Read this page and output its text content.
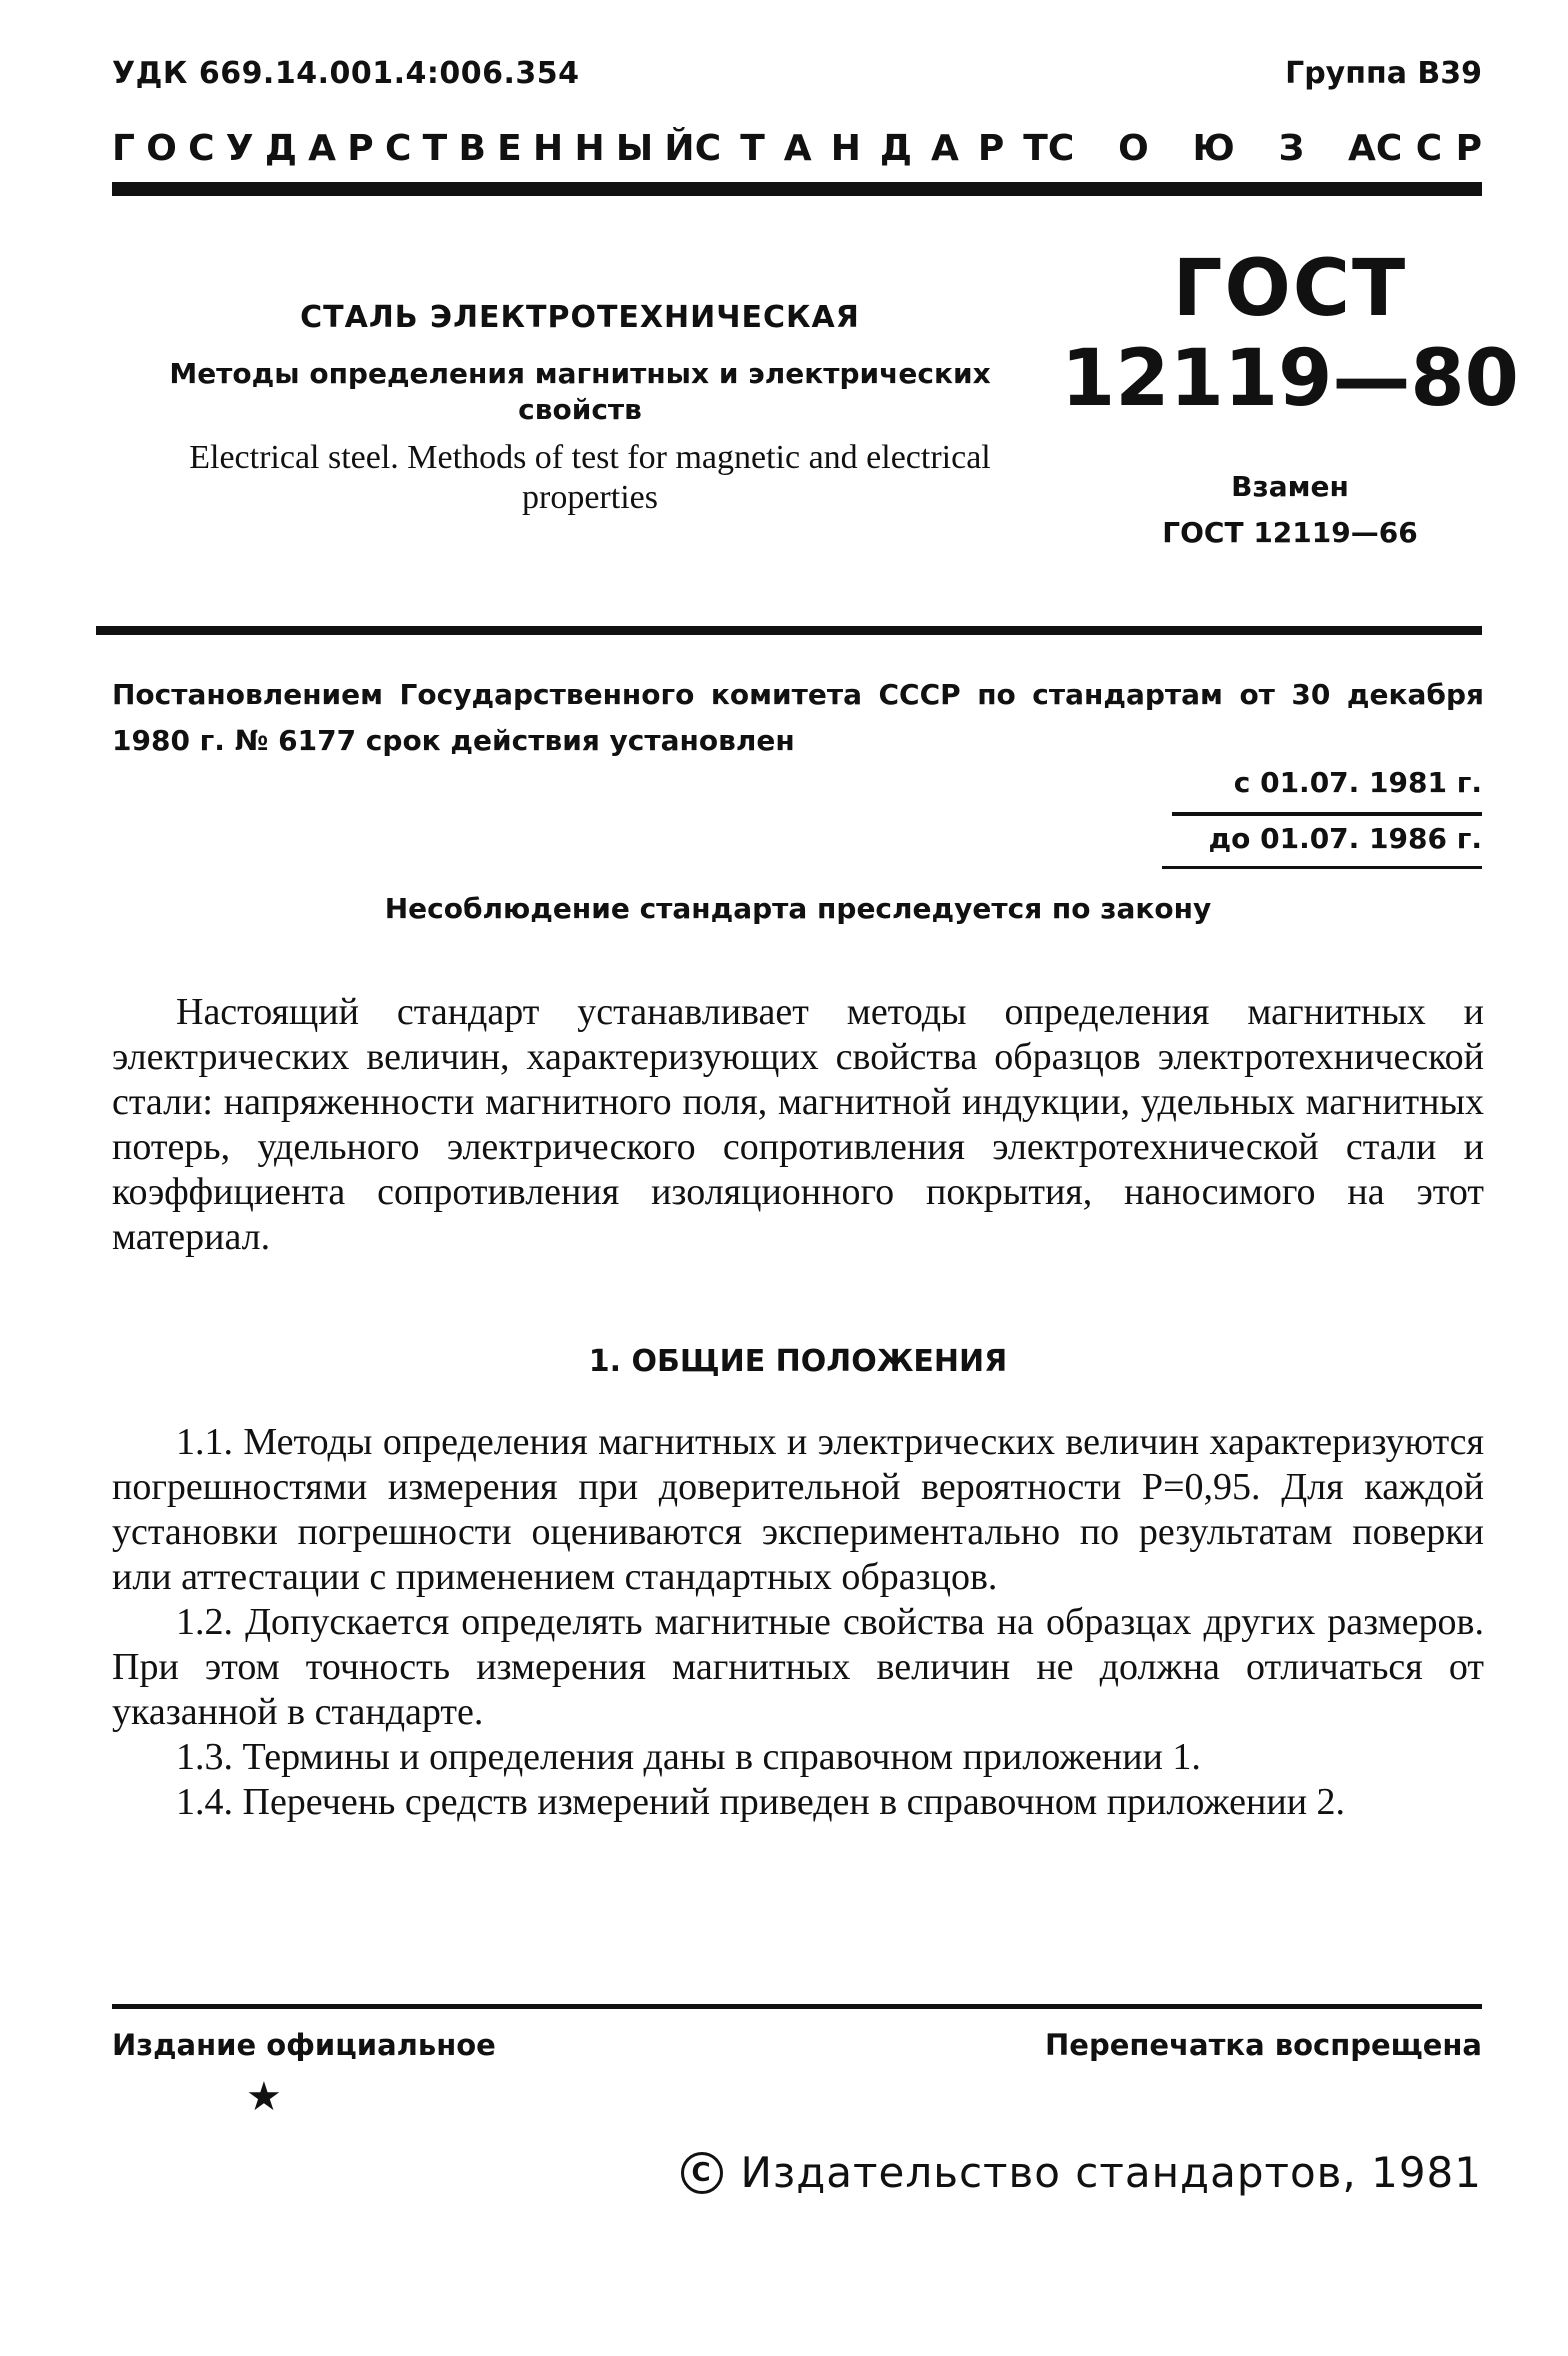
УДК 669.14.001.4:006.354	Группа В39
Г О С У Д А Р С Т В Е Н Н Ы Й С Т А Н Д А Р Т С О Ю З А С С Р
СТАЛЬ ЭЛЕКТРОТЕХНИЧЕСКАЯ
Методы определения магнитных и электрических свойств
Electrical steel. Methods of test for magnetic and electrical properties
ГОСТ
12119—80
Взамен
ГОСТ 12119—66
Постановлением Государственного комитета СССР по стандартам от 30 декабря 1980 г. № 6177 срок действия установлен
с 01.07. 1981 г.
до 01.07. 1986 г.
Несоблюдение стандарта преследуется по закону

Настоящий стандарт устанавливает методы определения магнитных и электрических величин, характеризующих свойства образцов электротехнической стали: напряженности магнитного поля, магнитной индукции, удельных магнитных потерь, удельного электрического сопротивления электротехнической стали и коэффициента сопротивления изоляционного покрытия, наносимого на этот материал.

1. ОБЩИЕ ПОЛОЖЕНИЯ

1.1. Методы определения магнитных и электрических величин характеризуются погрешностями измерения при доверительной вероятности P=0,95. Для каждой установки погрешности оцениваются экспериментально по результатам поверки или аттестации с применением стандартных образцов.

1.2. Допускается определять магнитные свойства на образцах других размеров. При этом точность измерения магнитных величин не должна отличаться от указанной в стандарте.

1.3. Термины и определения даны в справочном приложении 1.

1.4. Перечень средств измерений приведен в справочном приложении 2.

Издание официальное	Перепечатка воспрещена
★
C Издательство стандартов, 1981
